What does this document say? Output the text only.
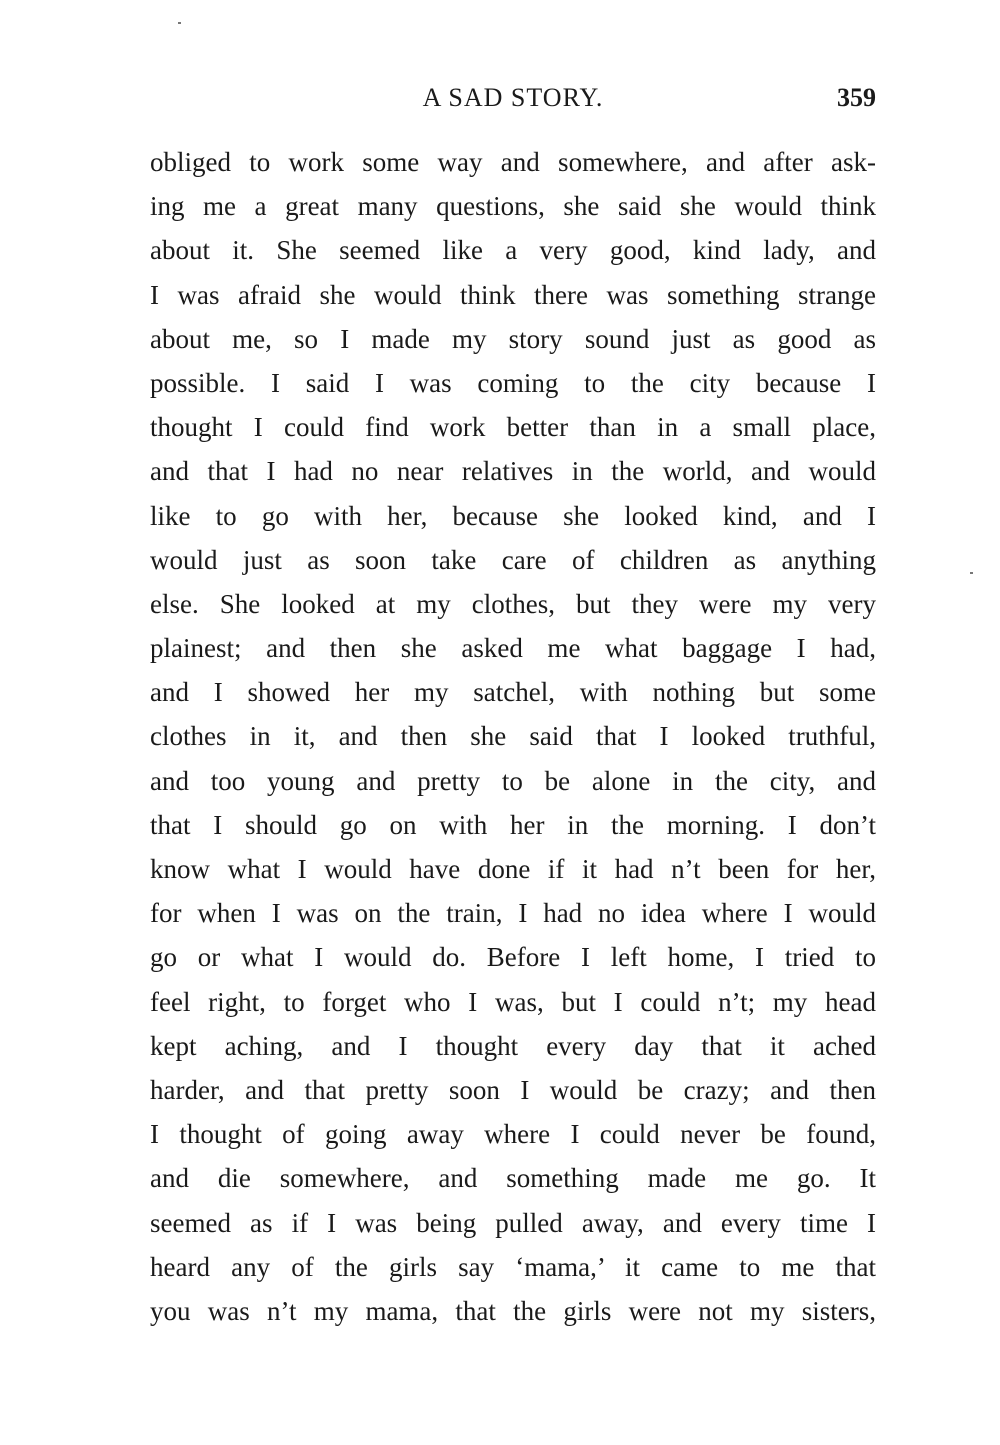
A SAD STORY.	359
obliged to work some way and somewhere, and after ask-
ing me a great many questions, she said she would think
about it. She seemed like a very good, kind lady, and
I was afraid she would think there was something strange
about me, so I made my story sound just as good as
possible. I said I was coming to the city because I
thought I could find work better than in a small place,
and that I had no near relatives in the world, and would
like to go with her, because she looked kind, and I
would just as soon take care of children as anything
else. She looked at my clothes, but they were my very
plainest; and then she asked me what baggage I had,
and I showed her my satchel, with nothing but some
clothes in it, and then she said that I looked truthful,
and too young and pretty to be alone in the city, and
that I should go on with her in the morning. I don’t
know what I would have done if it had n’t been for her,
for when I was on the train, I had no idea where I would
go or what I would do. Before I left home, I tried to
feel right, to forget who I was, but I could n’t; my head
kept aching, and I thought every day that it ached
harder, and that pretty soon I would be crazy; and then
I thought of going away where I could never be found,
and die somewhere, and something made me go. It
seemed as if I was being pulled away, and every time I
heard any of the girls say ‘mama,’ it came to me that
you was n’t my mama, that the girls were not my sisters,
